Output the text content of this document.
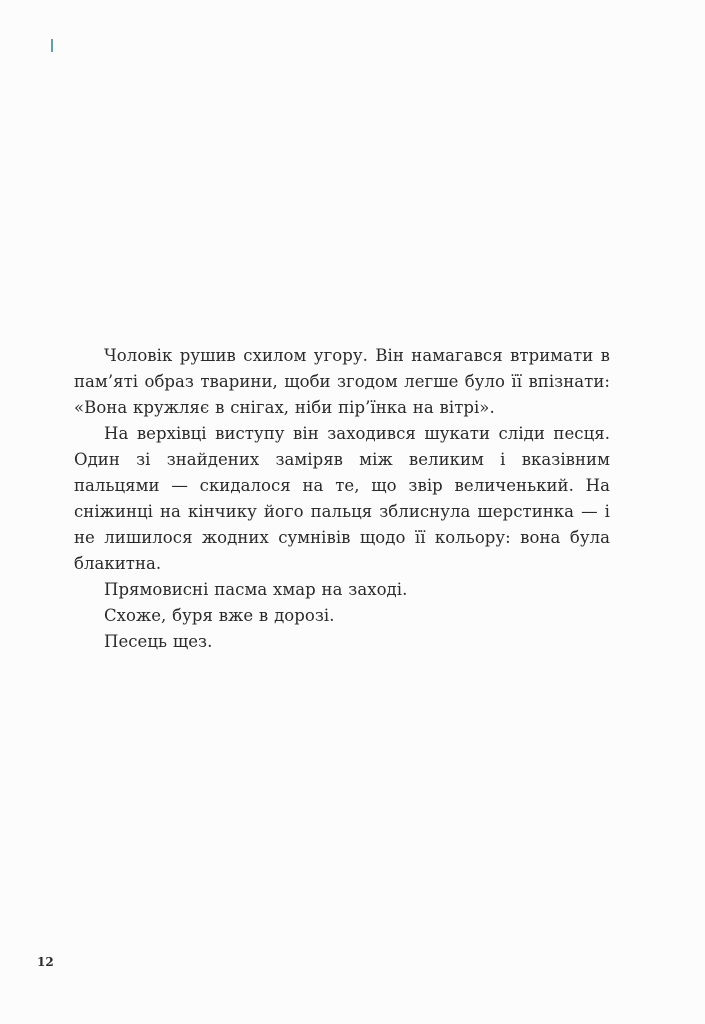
Чоловік рушив схилом угору. Він намагався втримати в пам’яті образ тварини, щоби згодом легше було її впізнати: «Вона кружляє в снігах, ніби пір’їнка на вітрі».

На верхівці виступу він заходився шукати сліди песця. Один зі знайдених заміряв між великим і вказівним пальцями — скидалося на те, що звір величенький. На сніжинці на кінчику його пальця зблиснула шерстинка — і не лишилося жодних сумнівів щодо її кольору: вона була блакитна.

Прямовисні пасма хмар на заході.

Схоже, буря вже в дорозі.

Песець щез.

12
